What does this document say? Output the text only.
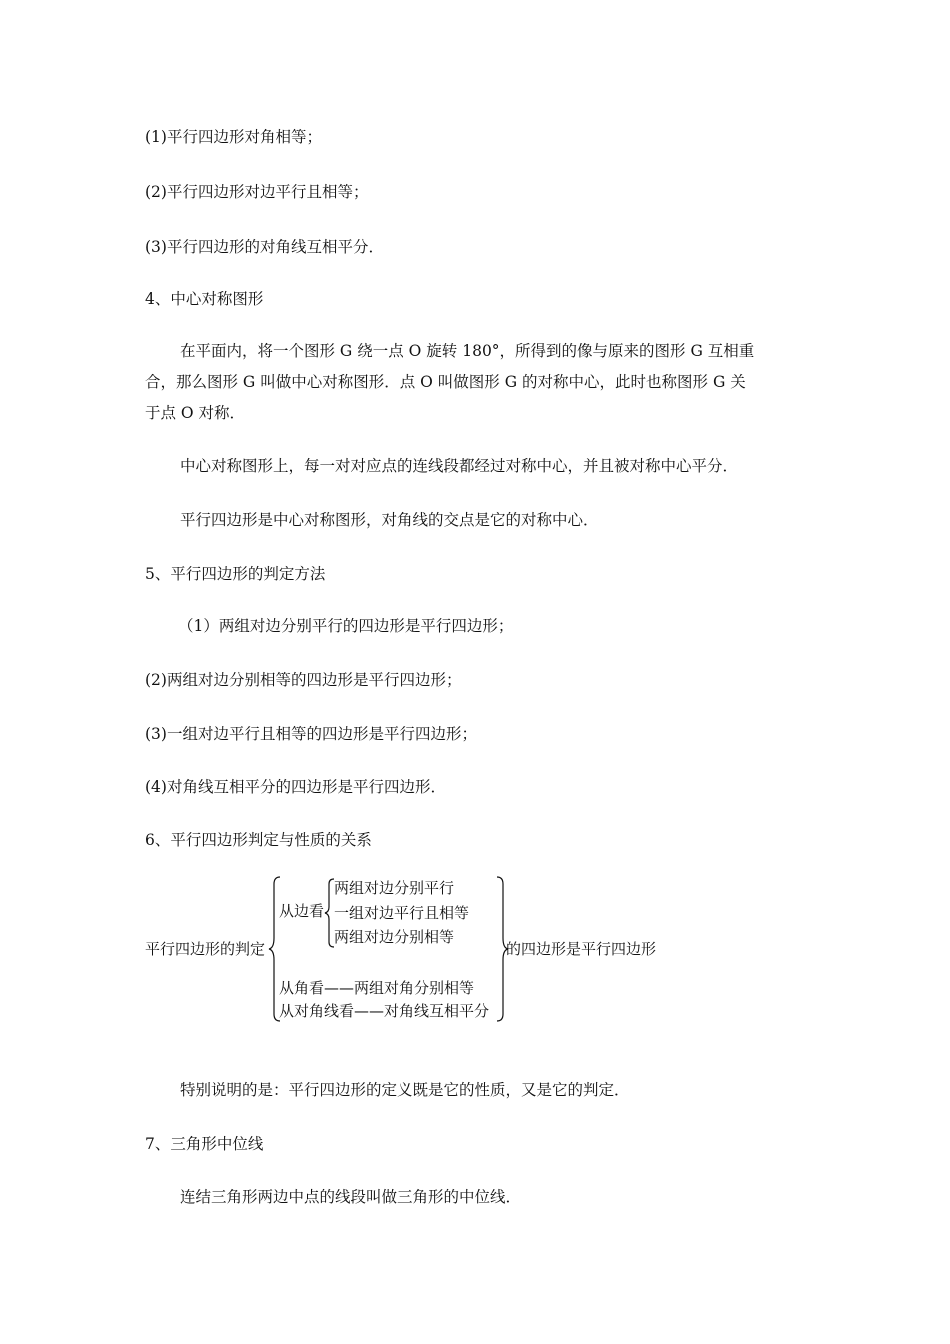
(1)平行四边形对角相等；
(2)平行四边形对边平行且相等；
(3)平行四边形的对角线互相平分．
4、中心对称图形
在平面内，将一个图形 G 绕一点 O 旋转 180°，所得到的像与原来的图形 G 互相重
合，那么图形 G 叫做中心对称图形．点 O 叫做图形 G 的对称中心，此时也称图形 G 关
于点 O 对称．
中心对称图形上，每一对对应点的连线段都经过对称中心，并且被对称中心平分．
平行四边形是中心对称图形，对角线的交点是它的对称中心．
5、平行四边形的判定方法
（1）两组对边分别平行的四边形是平行四边形；
(2)两组对边分别相等的四边形是平行四边形；
(3)一组对边平行且相等的四边形是平行四边形；
(4)对角线互相平分的四边形是平行四边形．
6、平行四边形判定与性质的关系
平行四边形的判定
从边看
两组对边分别平行
一组对边平行且相等
两组对边分别相等
从角看——两组对角分别相等
从对角线看——对角线互相平分
的四边形是平行四边形
特别说明的是：平行四边形的定义既是它的性质，又是它的判定．
7、三角形中位线
连结三角形两边中点的线段叫做三角形的中位线．
